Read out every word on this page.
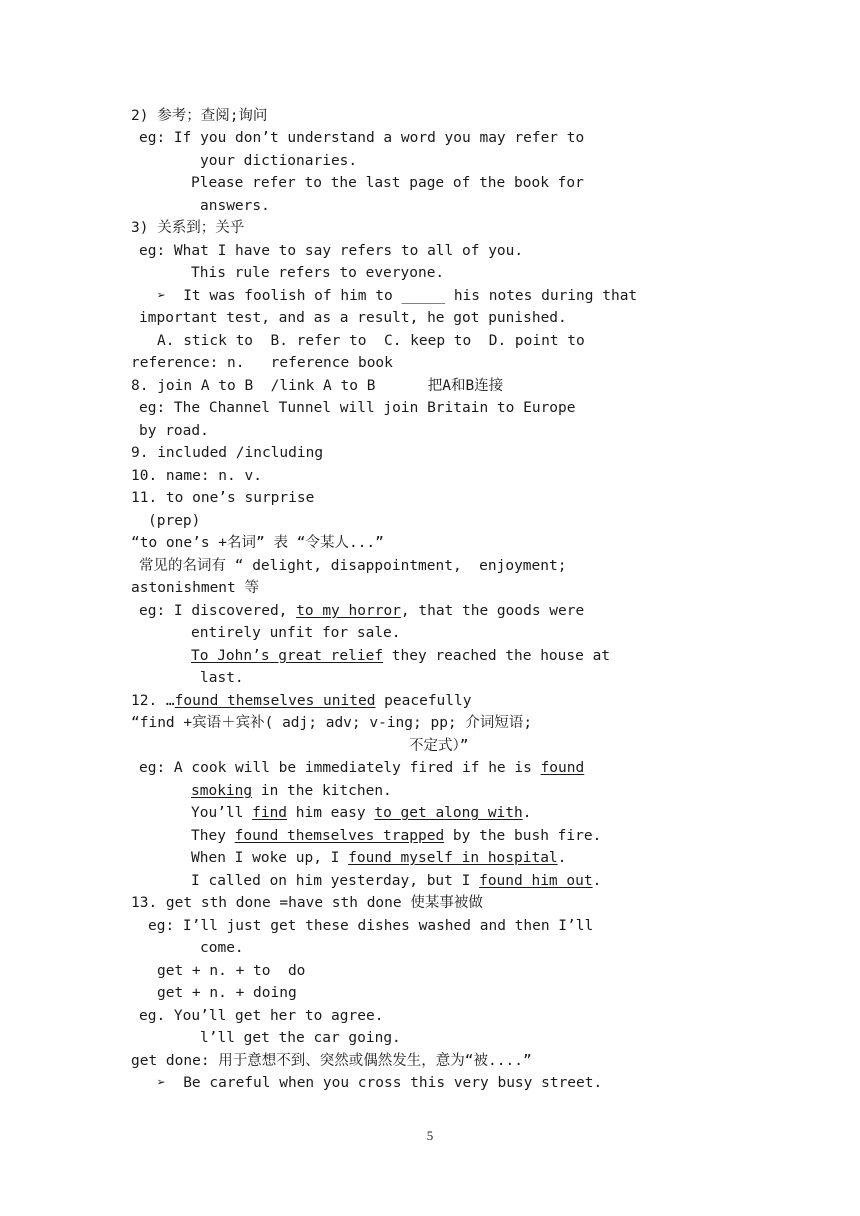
2) 参考；查阅;询问
eg: If you don’t understand a word you may refer to
your dictionaries.
Please refer to the last page of the book for
answers.
3) 关系到；关乎
eg: What I have to say refers to all of you.
This rule refers to everyone.
➢ It was foolish of him to _____ his notes during that
important test, and as a result, he got punished.
A. stick to  B. refer to  C. keep to  D. point to
reference: n.   reference book
8. join A to B  /link A to B      把A和B连接
eg: The Channel Tunnel will join Britain to Europe
by road.
9. included /including
10. name: n. v.
11. to one’s surprise
(prep)
“to one’s +名词” 表 “令某人...”
常见的名词有 “ delight, disappointment,  enjoyment;
astonishment 等
eg: I discovered, to my horror, that the goods were
entirely unfit for sale.
To John’s great relief they reached the house at
last.
12. …found themselves united peacefully
“find +宾语＋宾补( adj; adv; v-ing; pp; 介词短语;
不定式）”
eg: A cook will be immediately fired if he is found
smoking in the kitchen.
You’ll find him easy to get along with.
They found themselves trapped by the bush fire.
When I woke up, I found myself in hospital.
I called on him yesterday, but I found him out.
13. get sth done =have sth done 使某事被做
eg: I’ll just get these dishes washed and then I’ll
come.
get + n. + to  do
get + n. + doing
eg. You’ll get her to agree.
l’ll get the car going.
get done: 用于意想不到、突然或偶然发生，意为“被....”
➢ Be careful when you cross this very busy street.
5
